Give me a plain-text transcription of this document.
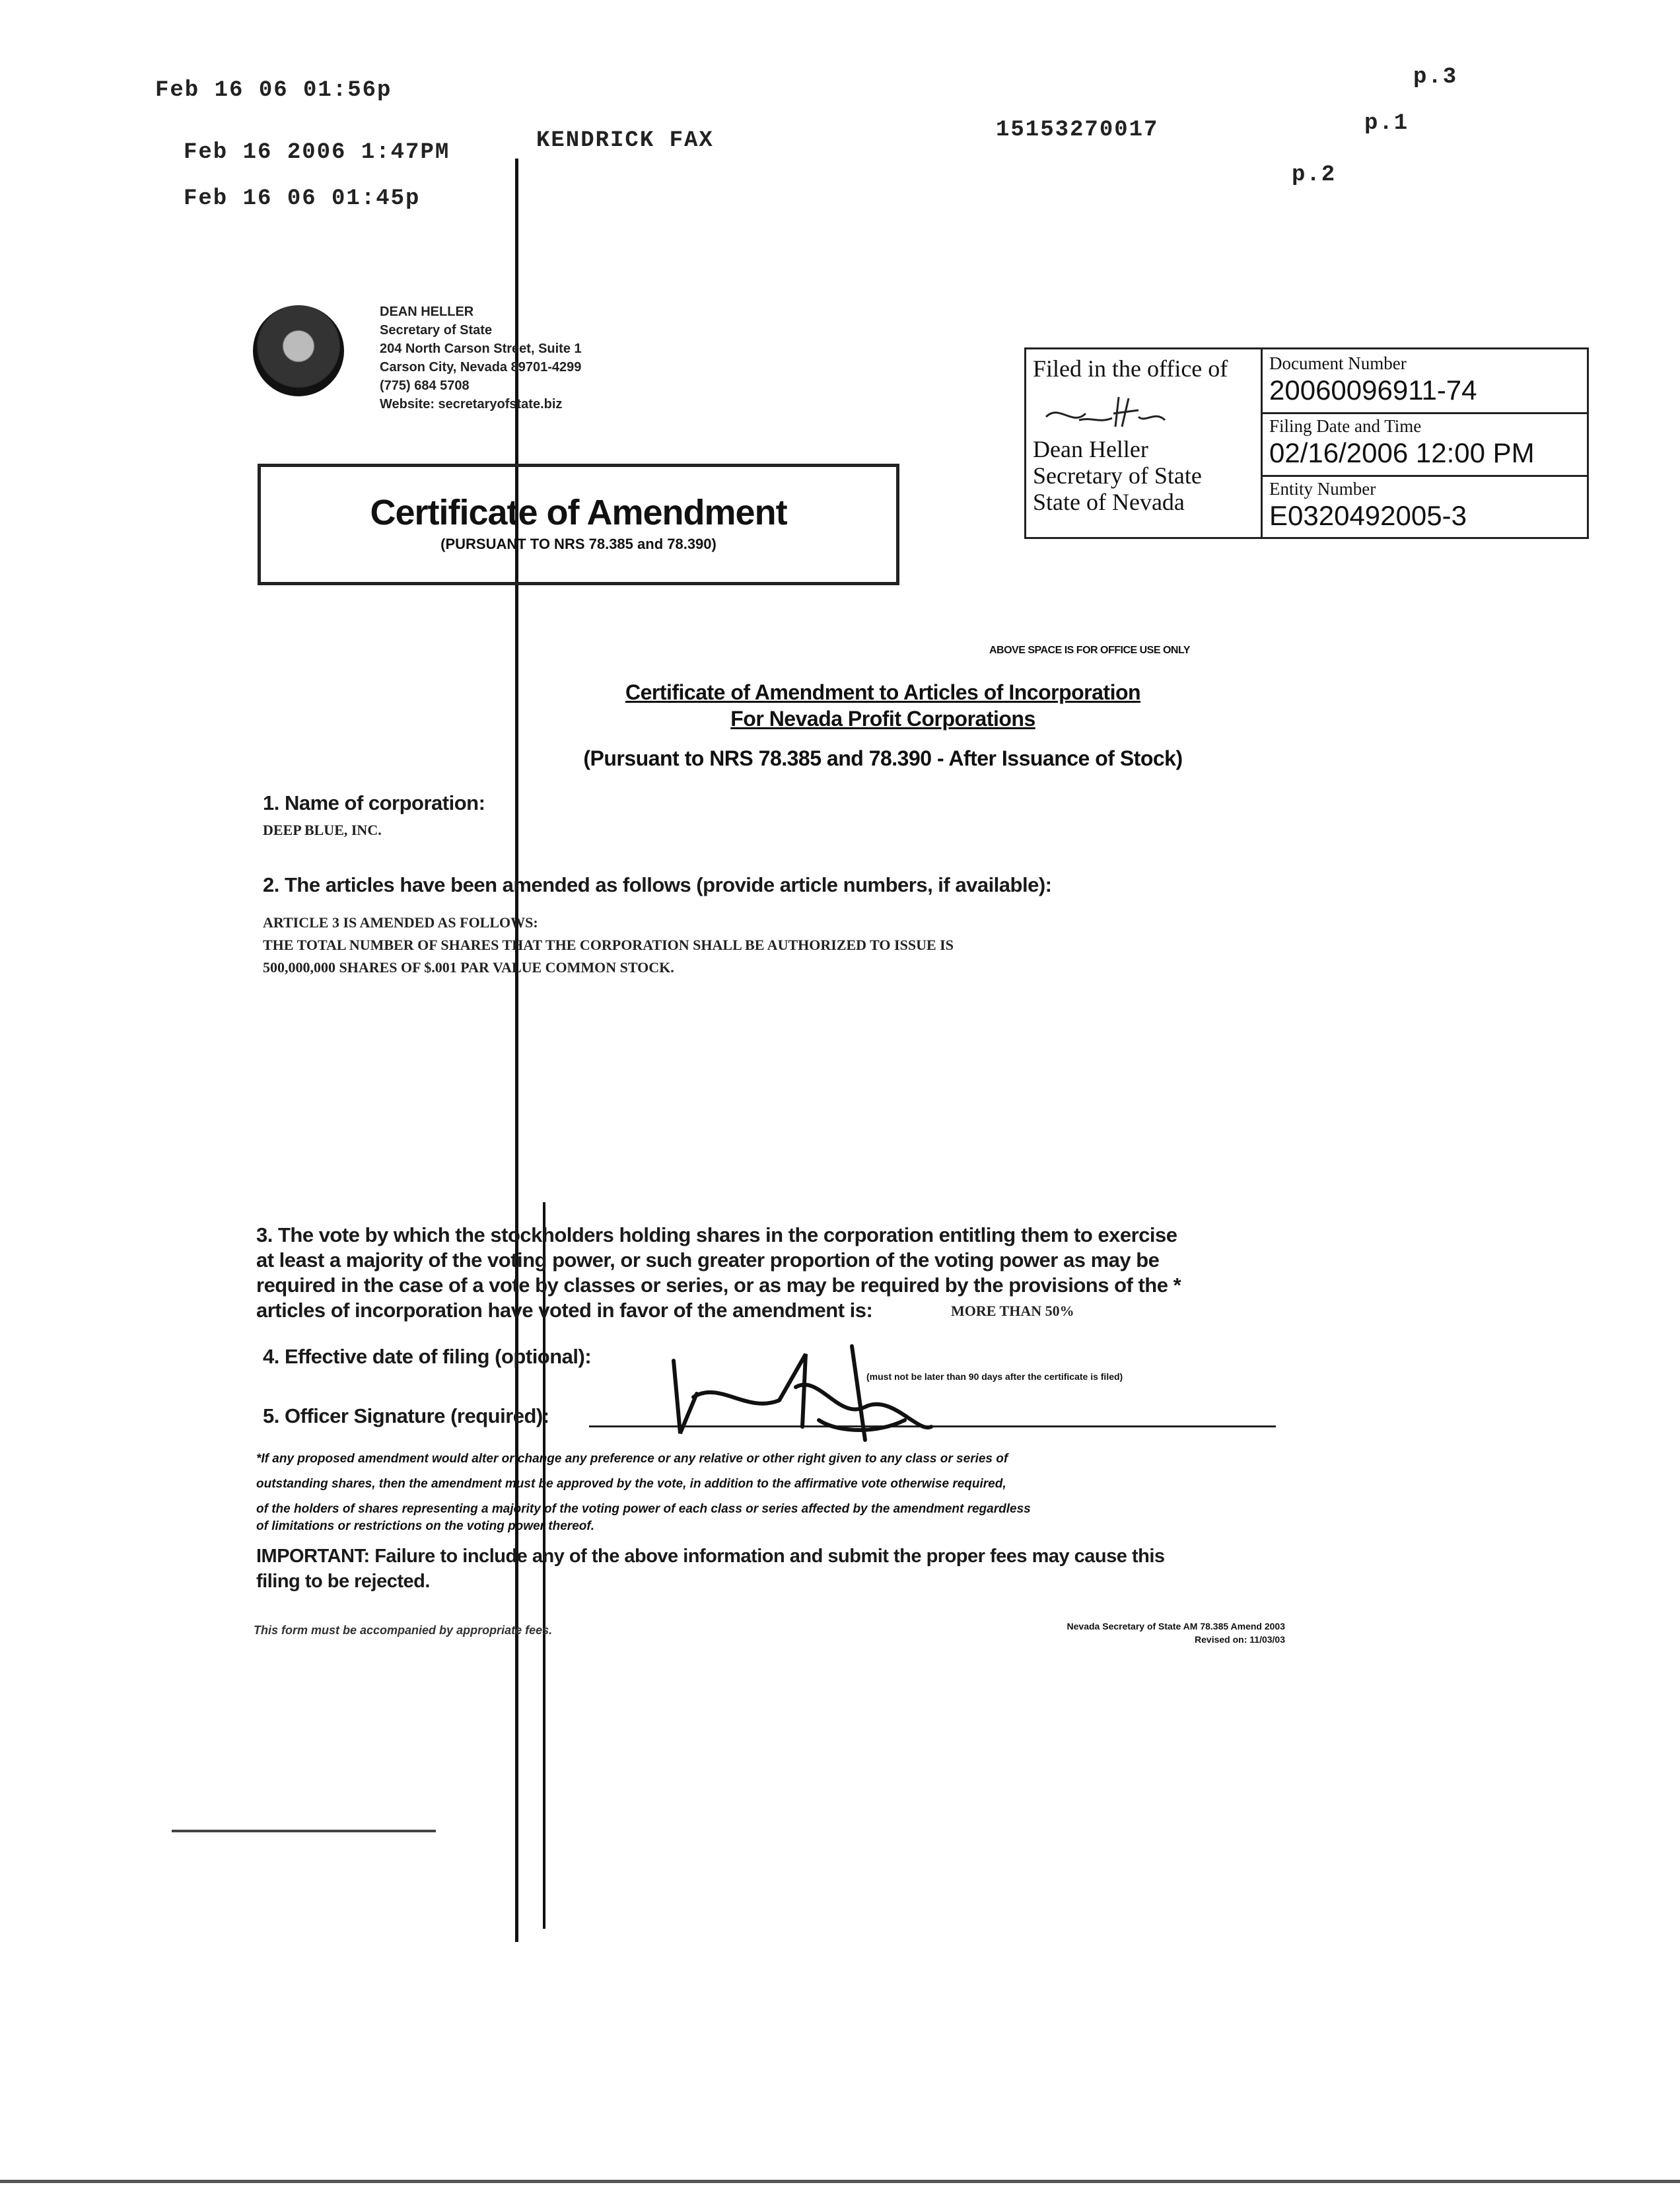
Feb 16 06 01:56p
p.3
Feb 16 2006 1:47PM	KENDRICK FAX	15153270017	p.1
Feb 16 06 01:45p
p.2
DEAN HELLER
Secretary of State
204 North Carson Street, Suite 1
Carson City, Nevada 89701-4299
(775) 684 5708
Website: secretaryofstate.biz
Certificate of Amendment
(PURSUANT TO NRS 78.385 and 78.390)
Filed in the office of
Dean Heller
Secretary of State
State of Nevada
Document Number
20060096911-74
Filing Date and Time
02/16/2006 12:00 PM
Entity Number
E0320492005-3
ABOVE SPACE IS FOR OFFICE USE ONLY
Certificate of Amendment to Articles of Incorporation
For Nevada Profit Corporations
(Pursuant to NRS 78.385 and 78.390 - After Issuance of Stock)
1. Name of corporation:
DEEP BLUE, INC.
2. The articles have been amended as follows (provide article numbers, if available):
ARTICLE 3 IS AMENDED AS FOLLOWS:
THE TOTAL NUMBER OF SHARES THAT THE CORPORATION SHALL BE AUTHORIZED TO ISSUE IS
500,000,000 SHARES OF $.001 PAR VALUE COMMON STOCK.
3. The vote by which the stockholders holding shares in the corporation entitling them to exercise
at least a majority of the voting power, or such greater proportion of the voting power as may be
required in the case of a vote by classes or series, or as may be required by the provisions of the *
articles of incorporation have voted in favor of the amendment is:	MORE THAN 50%
4. Effective date of filing (optional):
(must not be later than 90 days after the certificate is filed)
5. Officer Signature (required):
*If any proposed amendment would alter or change any preference or any relative or other right given to any class or series of
outstanding shares, then the amendment must be approved by the vote, in addition to the affirmative vote otherwise required,
of the holders of shares representing a majority of the voting power of each class or series affected by the amendment regardless
of limitations or restrictions on the voting power thereof.
IMPORTANT: Failure to include any of the above information and submit the proper fees may cause this
filing to be rejected.
This form must be accompanied by appropriate fees.	Nevada Secretary of State AM 78.385 Amend 2003
Revised on: 11/03/03
